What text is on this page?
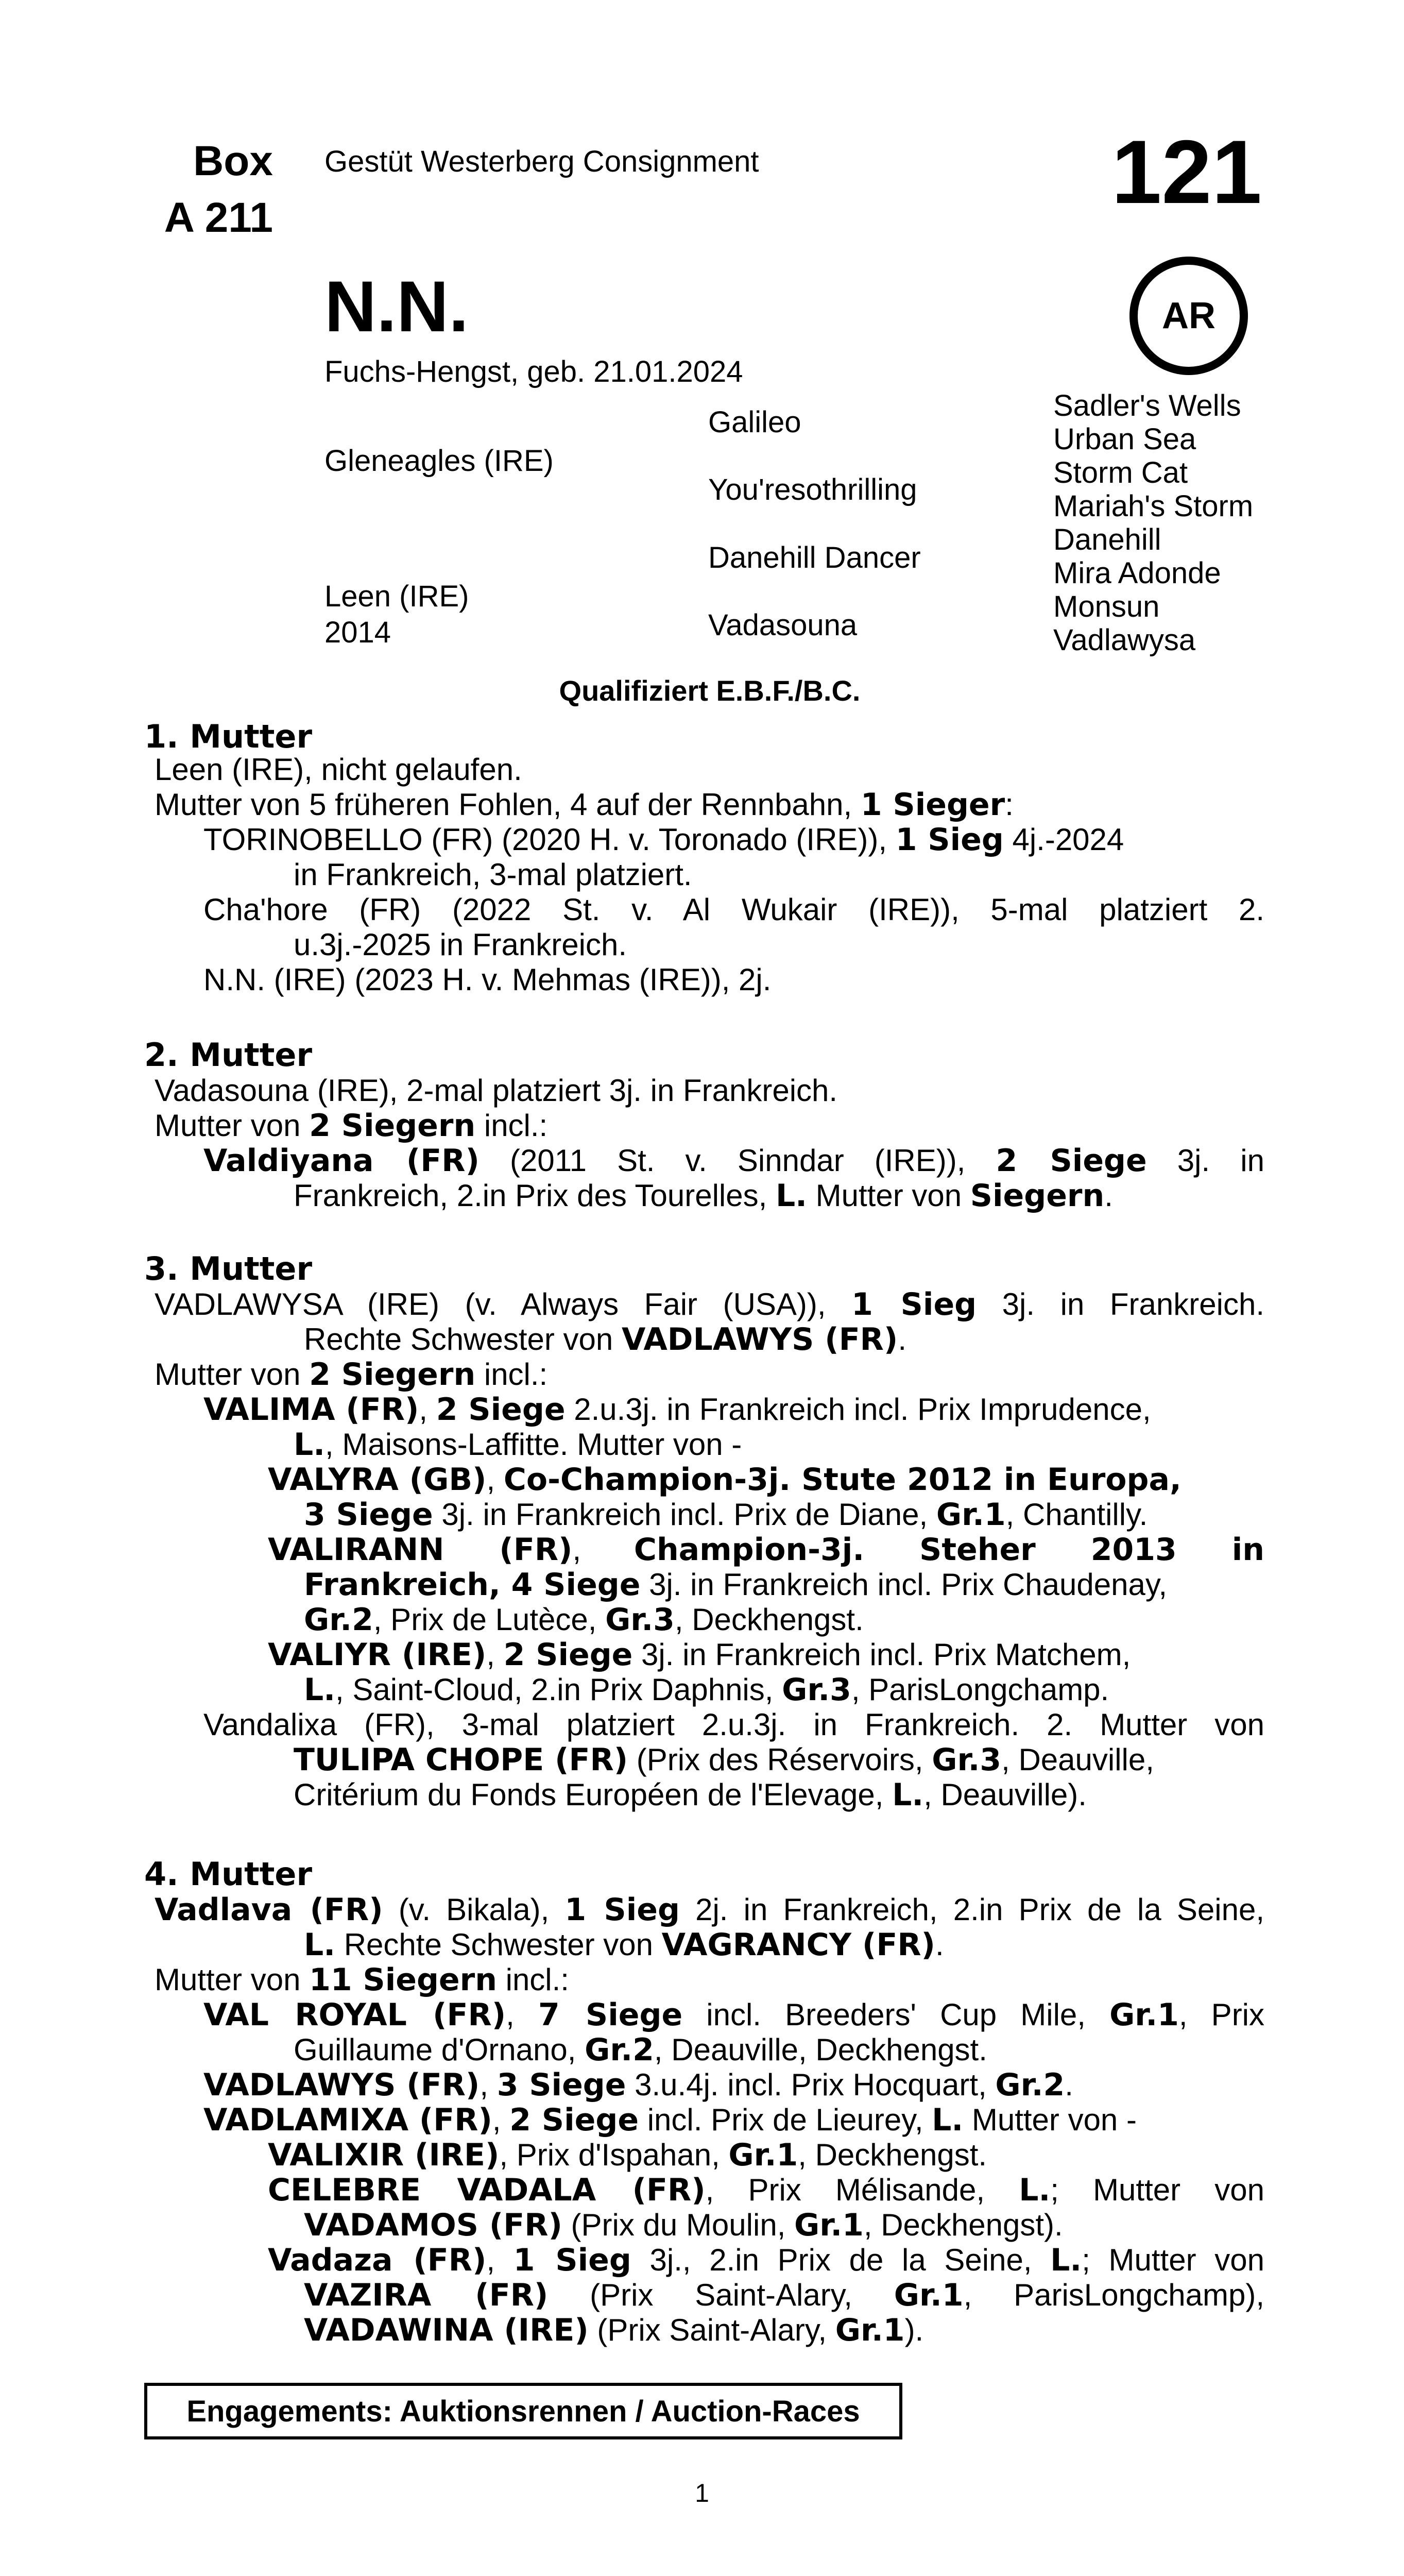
Box
A 211
Gestüt Westerberg Consignment	121
AR
N.N.
Fuchs-Hengst, geb. 21.01.2024
Gleneagles (IRE)
Leen (IRE)
2014
Galileo
You'resothrilling
Danehill Dancer
Vadasouna
Sadler's Wells
Urban Sea
Storm Cat
Mariah's Storm
Danehill
Mira Adonde
Monsun
Vadlawysa
Qualifiziert E.B.F./B.C.
1. Mutter
Leen (IRE), nicht gelaufen.
Mutter von 5 früheren Fohlen, 4 auf der Rennbahn, 1 Sieger:
TORINOBELLO (FR) (2020 H. v. Toronado (IRE)), 1 Sieg 4j.-2024
in Frankreich, 3-mal platziert.
Cha'hore (FR) (2022 St. v. Al Wukair (IRE)), 5-mal platziert 2.
u.3j.-2025 in Frankreich.
N.N. (IRE) (2023 H. v. Mehmas (IRE)), 2j.
2. Mutter
Vadasouna (IRE), 2-mal platziert 3j. in Frankreich.
Mutter von 2 Siegern incl.:
Valdiyana (FR) (2011 St. v. Sinndar (IRE)), 2 Siege 3j. in
Frankreich, 2.in Prix des Tourelles, L. Mutter von Siegern.
3. Mutter
VADLAWYSA (IRE) (v. Always Fair (USA)), 1 Sieg 3j. in Frankreich.
Rechte Schwester von VADLAWYS (FR).
Mutter von 2 Siegern incl.:
VALIMA (FR), 2 Siege 2.u.3j. in Frankreich incl. Prix Imprudence,
L., Maisons-Laffitte. Mutter von -
VALYRA (GB), Co-Champion-3j. Stute 2012 in Europa,
3 Siege 3j. in Frankreich incl. Prix de Diane, Gr.1, Chantilly.
VALIRANN (FR), Champion-3j. Steher 2013 in
Frankreich, 4 Siege 3j. in Frankreich incl. Prix Chaudenay,
Gr.2, Prix de Lutèce, Gr.3, Deckhengst.
VALIYR (IRE), 2 Siege 3j. in Frankreich incl. Prix Matchem,
L., Saint-Cloud, 2.in Prix Daphnis, Gr.3, ParisLongchamp.
Vandalixa (FR), 3-mal platziert 2.u.3j. in Frankreich. 2. Mutter von
TULIPA CHOPE (FR) (Prix des Réservoirs, Gr.3, Deauville,
Critérium du Fonds Européen de l'Elevage, L., Deauville).
4. Mutter
Vadlava (FR) (v. Bikala), 1 Sieg 2j. in Frankreich, 2.in Prix de la Seine,
L. Rechte Schwester von VAGRANCY (FR).
Mutter von 11 Siegern incl.:
VAL ROYAL (FR), 7 Siege incl. Breeders' Cup Mile, Gr.1, Prix
Guillaume d'Ornano, Gr.2, Deauville, Deckhengst.
VADLAWYS (FR), 3 Siege 3.u.4j. incl. Prix Hocquart, Gr.2.
VADLAMIXA (FR), 2 Siege incl. Prix de Lieurey, L. Mutter von -
VALIXIR (IRE), Prix d'Ispahan, Gr.1, Deckhengst.
CELEBRE VADALA (FR), Prix Mélisande, L.; Mutter von
VADAMOS (FR) (Prix du Moulin, Gr.1, Deckhengst).
Vadaza (FR), 1 Sieg 3j., 2.in Prix de la Seine, L.; Mutter von
VAZIRA (FR) (Prix Saint-Alary, Gr.1, ParisLongchamp),
VADAWINA (IRE) (Prix Saint-Alary, Gr.1).
Engagements: Auktionsrennen / Auction-Races
1
